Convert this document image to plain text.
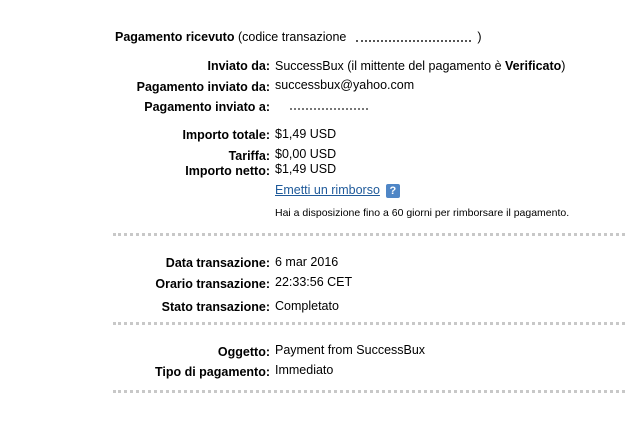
Pagamento ricevuto (codice transazione	)
Inviato da: SuccessBux (il mittente del pagamento è Verificato)
Pagamento inviato da: successbux@yahoo.com
Pagamento inviato a:
Importo totale: $1,49 USD
Tariffa: $0,00 USD
Importo netto: $1,49 USD
Emetti un rimborso ?
Hai a disposizione fino a 60 giorni per rimborsare il pagamento.
Data transazione: 6 mar 2016
Orario transazione: 22:33:56 CET
Stato transazione: Completato
Oggetto: Payment from SuccessBux
Tipo di pagamento: Immediato
